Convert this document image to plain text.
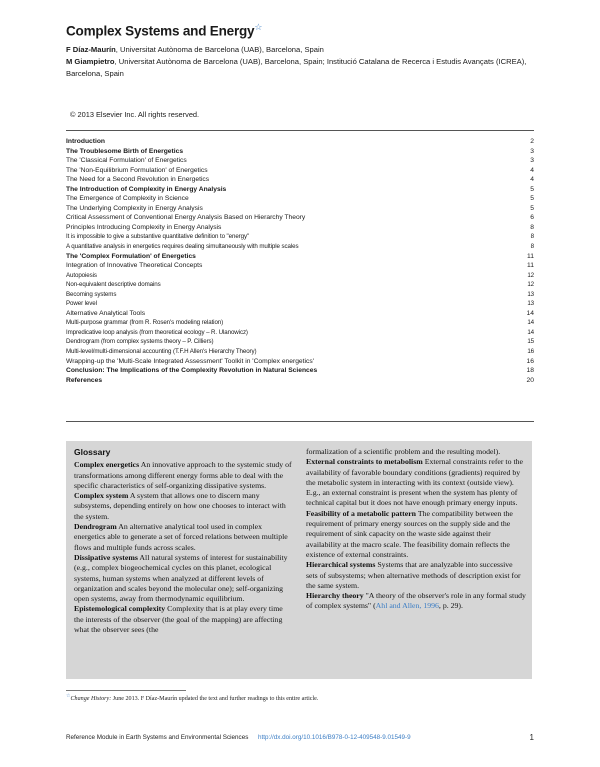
Complex Systems and Energy☆
F Díaz-Maurín, Universitat Autònoma de Barcelona (UAB), Barcelona, Spain
M Giampietro, Universitat Autònoma de Barcelona (UAB), Barcelona, Spain; Institució Catalana de Recerca i Estudis Avançats (ICREA), Barcelona, Spain
© 2013 Elsevier Inc. All rights reserved.
Introduction	2
The Troublesome Birth of Energetics	3
The 'Classical Formulation' of Energetics	3
The 'Non-Equilibrium Formulation' of Energetics	4
The Need for a Second Revolution in Energetics	4
The Introduction of Complexity in Energy Analysis	5
The Emergence of Complexity in Science	5
The Underlying Complexity in Energy Analysis	5
Critical Assessment of Conventional Energy Analysis Based on Hierarchy Theory	6
Principles Introducing Complexity in Energy Analysis	8
It is impossible to give a substantive quantitative definition to "energy"	8
A quantitative analysis in energetics requires dealing simultaneously with multiple scales	8
The 'Complex Formulation' of Energetics	11
Integration of Innovative Theoretical Concepts	11
Autopoiesis	12
Non-equivalent descriptive domains	12
Becoming systems	13
Power level	13
Alternative Analytical Tools	14
Multi-purpose grammar (from R. Rosen's modeling relation)	14
Impredicative loop analysis (from theoretical ecology – R. Ulanowicz)	14
Dendrogram (from complex systems theory – P. Cilliers)	15
Multi-level/multi-dimensional accounting (T.F.H Allen's Hierarchy Theory)	16
Wrapping-up the 'Multi-Scale Integrated Assessment' Toolkit in 'Complex energetics'	16
Conclusion: The Implications of the Complexity Revolution in Natural Sciences	18
References	20
Glossary

Complex energetics An innovative approach to the systemic study of transformations among different energy forms able to deal with the specific characteristics of self-organizing dissipative systems.

Complex system A system that allows one to discern many subsystems, depending entirely on how one chooses to interact with the system.

Dendrogram An alternative analytical tool used in complex energetics able to generate a set of forced relations between multiple flows and multiple funds across scales.

Dissipative systems All natural systems of interest for sustainability (e.g., complex biogeochemical cycles on this planet, ecological systems, human systems when analyzed at different levels of organization and scales beyond the molecular one); self-organizing open systems, away from thermodynamic equilibrium.

Epistemological complexity Complexity that is at play every time the interests of the observer (the goal of the mapping) are affecting what the observer sees (the

formalization of a scientific problem and the resulting model).

External constraints to metabolism External constraints refer to the availability of favorable boundary conditions (gradients) required by the metabolic system in interacting with its context (outside view). E.g., an external constraint is present when the system has plenty of technical capital but it does not have enough primary energy inputs.

Feasibility of a metabolic pattern The compatibility between the requirement of primary energy sources on the supply side and the requirement of sink capacity on the waste side against their availability at the macro scale. The feasibility domain reflects the existence of external constraints.

Hierarchical systems Systems that are analyzable into successive sets of subsystems; when alternative methods of description exist for the same system.

Hierarchy theory "A theory of the observer's role in any formal study of complex systems" (Ahl and Allen, 1996, p. 29).

☆Change History: June 2013. F Díaz-Maurín updated the text and further readings to this entire article.
Reference Module in Earth Systems and Environmental Sciences http://dx.doi.org/10.1016/B978-0-12-409548-9.01549-9	1
